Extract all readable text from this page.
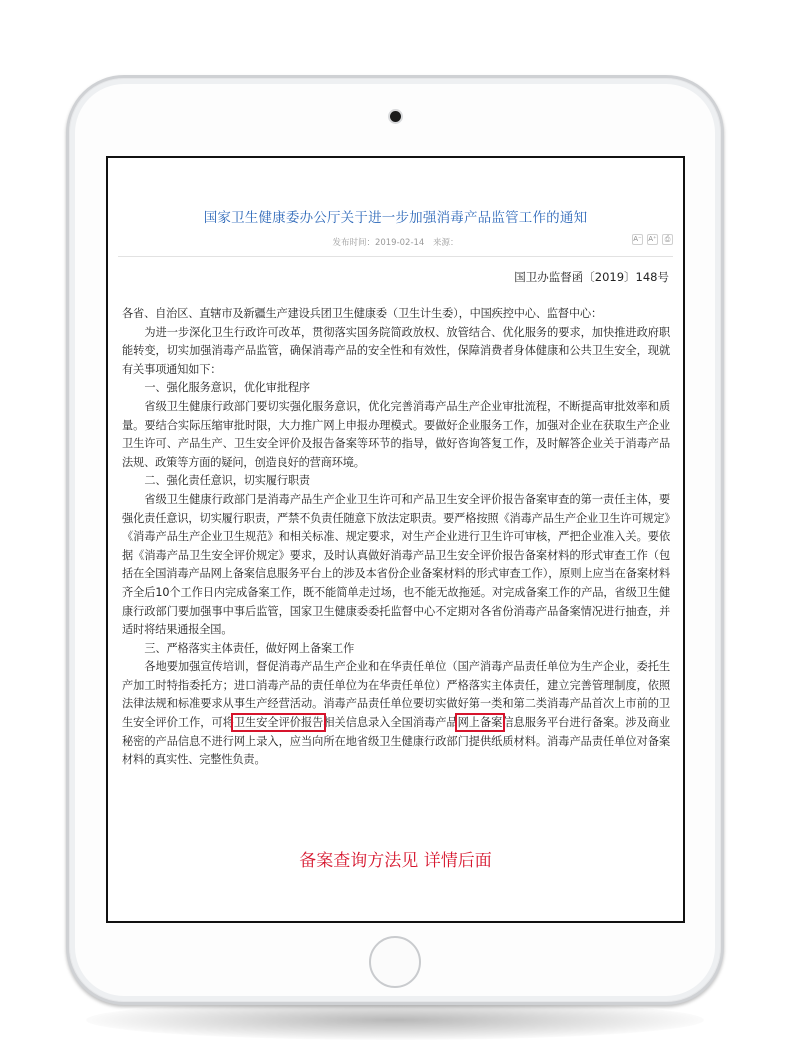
国家卫生健康委办公厅关于进一步加强消毒产品监管工作的通知
发布时间：2019-02-14 来源：	A⁻ A⁺	⎙
国卫办监督函〔2019〕148号

各省、自治区、直辖市及新疆生产建设兵团卫生健康委（卫生计生委），中国疾控中心、监督中心：

为进一步深化卫生行政许可改革，贯彻落实国务院简政放权、放管结合、优化服务的要求，加快推进政府职能转变，切实加强消毒产品监管，确保消毒产品的安全性和有效性，保障消费者身体健康和公共卫生安全，现就有关事项通知如下：

一、强化服务意识，优化审批程序

省级卫生健康行政部门要切实强化服务意识，优化完善消毒产品生产企业审批流程，不断提高审批效率和质量。要结合实际压缩审批时限，大力推广网上申报办理模式。要做好企业服务工作，加强对企业在获取生产企业卫生许可、产品生产、卫生安全评价及报告备案等环节的指导，做好咨询答复工作，及时解答企业关于消毒产品法规、政策等方面的疑问，创造良好的营商环境。

二、强化责任意识，切实履行职责

省级卫生健康行政部门是消毒产品生产企业卫生许可和产品卫生安全评价报告备案审查的第一责任主体，要强化责任意识，切实履行职责，严禁不负责任随意下放法定职责。要严格按照《消毒产品生产企业卫生许可规定》《消毒产品生产企业卫生规范》和相关标准、规定要求，对生产企业进行卫生许可审核，严把企业准入关。要依据《消毒产品卫生安全评价规定》要求，及时认真做好消毒产品卫生安全评价报告备案材料的形式审查工作（包括在全国消毒产品网上备案信息服务平台上的涉及本省份企业备案材料的形式审查工作），原则上应当在备案材料齐全后10个工作日内完成备案工作，既不能简单走过场，也不能无故拖延。对完成备案工作的产品，省级卫生健康行政部门要加强事中事后监管，国家卫生健康委委托监督中心不定期对各省份消毒产品备案情况进行抽查，并适时将结果通报全国。

三、严格落实主体责任，做好网上备案工作

各地要加强宣传培训，督促消毒产品生产企业和在华责任单位（国产消毒产品责任单位为生产企业，委托生产加工时特指委托方；进口消毒产品的责任单位为在华责任单位）严格落实主体责任，建立完善管理制度，依照法律法规和标准要求从事生产经营活动。消毒产品责任单位要切实做好第一类和第二类消毒产品首次上市前的卫生安全评价工作，可将卫生安全评价报告相关信息录入全国消毒产品网上备案信息服务平台进行备案。涉及商业秘密的产品信息不进行网上录入，应当向所在地省级卫生健康行政部门提供纸质材料。消毒产品责任单位对备案材料的真实性、完整性负责。

备案查询方法见 详情后面
